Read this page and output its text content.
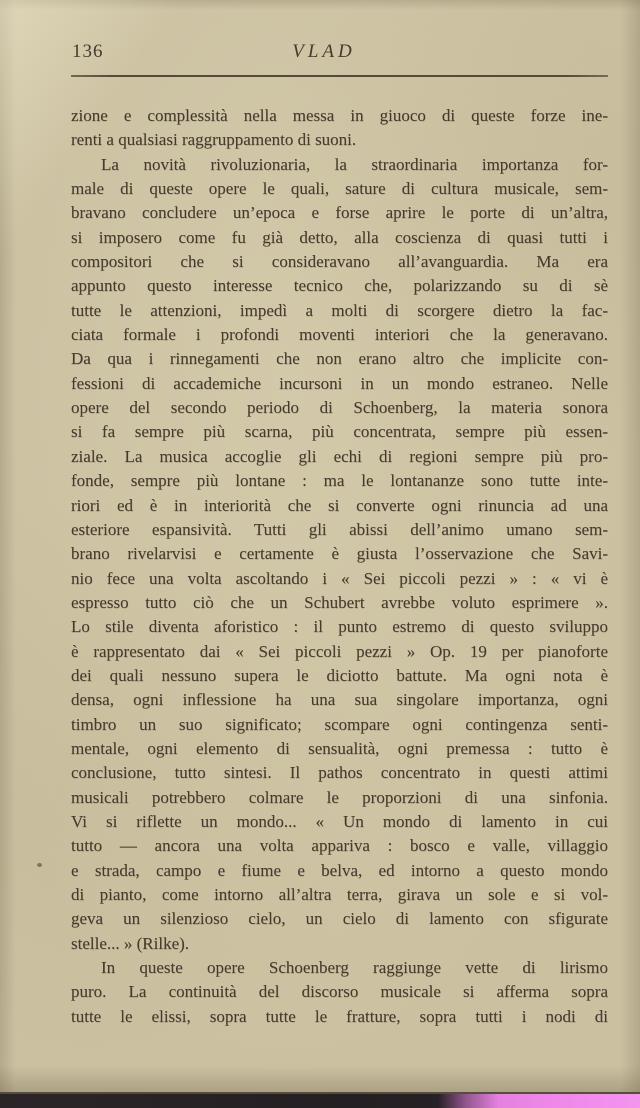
136	VLAD
zione e complessità nella messa in giuoco di queste forze ine-
renti a qualsiasi raggruppamento di suoni.
La novità rivoluzionaria, la straordinaria importanza for-
male di queste opere le quali, sature di cultura musicale, sem-
bravano concludere un’epoca e forse aprire le porte di un’altra,
si imposero come fu già detto, alla coscienza di quasi tutti i
compositori che si consideravano all’avanguardia. Ma era
appunto questo interesse tecnico che, polarizzando su di sè
tutte le attenzioni, impedì a molti di scorgere dietro la fac-
ciata formale i profondi moventi interiori che la generavano.
Da qua i rinnegamenti che non erano altro che implicite con-
fessioni di accademiche incursoni in un mondo estraneo. Nelle
opere del secondo periodo di Schoenberg, la materia sonora
si fa sempre più scarna, più concentrata, sempre più essen-
ziale. La musica accoglie gli echi di regioni sempre più pro-
fonde, sempre più lontane : ma le lontananze sono tutte inte-
riori ed è in interiorità che si converte ogni rinuncia ad una
esteriore espansività. Tutti gli abissi dell’animo umano sem-
brano rivelarvisi e certamente è giusta l’osservazione che Savi-
nio fece una volta ascoltando i « Sei piccoli pezzi » : « vi è
espresso tutto ciò che un Schubert avrebbe voluto esprimere ».
Lo stile diventa aforistico : il punto estremo di questo sviluppo
è rappresentato dai « Sei piccoli pezzi » Op. 19 per pianoforte
dei quali nessuno supera le diciotto battute. Ma ogni nota è
densa, ogni inflessione ha una sua singolare importanza, ogni
timbro un suo significato; scompare ogni contingenza senti-
mentale, ogni elemento di sensualità, ogni premessa : tutto è
conclusione, tutto sintesi. Il pathos concentrato in questi attimi
musicali potrebbero colmare le proporzioni di una sinfonia.
Vi si riflette un mondo... « Un mondo di lamento in cui
tutto — ancora una volta appariva : bosco e valle, villaggio
e strada, campo e fiume e belva, ed intorno a questo mondo
di pianto, come intorno all’altra terra, girava un sole e si vol-
geva un silenzioso cielo, un cielo di lamento con sfigurate
stelle... » (Rilke).
In queste opere Schoenberg raggiunge vette di lirismo
puro. La continuità del discorso musicale si afferma sopra
tutte le elissi, sopra tutte le fratture, sopra tutti i nodi di
